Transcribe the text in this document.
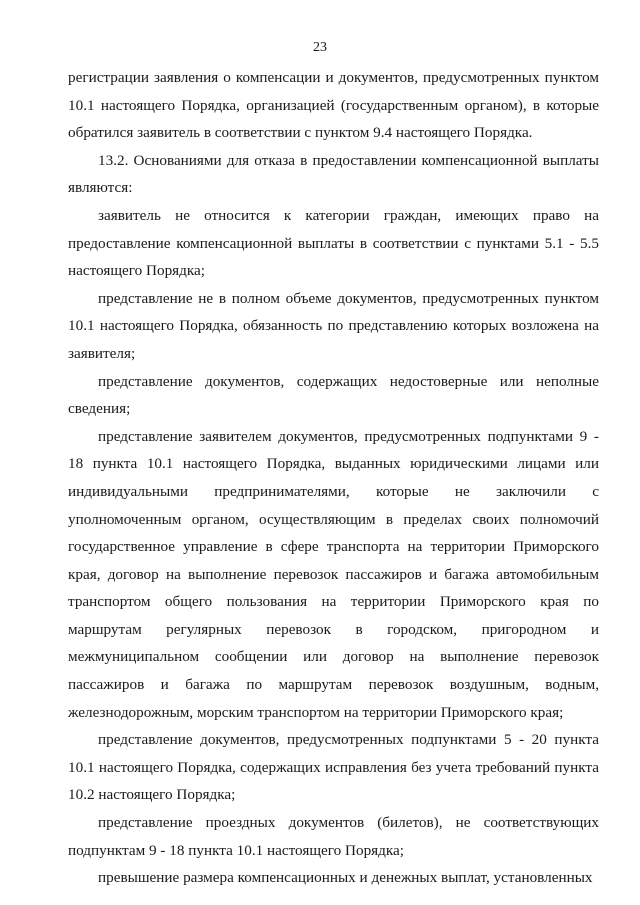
23

регистрации заявления о компенсации и документов, предусмотренных пунктом 10.1 настоящего Порядка, организацией (государственным органом), в которые обратился заявитель в соответствии с пунктом 9.4 настоящего Порядка.

13.2. Основаниями для отказа в предоставлении компенсационной выплаты являются:

заявитель не относится к категории граждан, имеющих право на предоставление компенсационной выплаты в соответствии с пунктами 5.1 - 5.5 настоящего Порядка;

представление не в полном объеме документов, предусмотренных пунктом 10.1 настоящего Порядка, обязанность по представлению которых возложена на заявителя;

представление документов, содержащих недостоверные или неполные сведения;

представление заявителем документов, предусмотренных подпунктами 9 - 18 пункта 10.1 настоящего Порядка, выданных юридическими лицами или индивидуальными предпринимателями, которые не заключили с уполномоченным органом, осуществляющим в пределах своих полномочий государственное управление в сфере транспорта на территории Приморского края, договор на выполнение перевозок пассажиров и багажа автомобильным транспортом общего пользования на территории Приморского края по маршрутам регулярных перевозок в городском, пригородном и межмуниципальном сообщении или договор на выполнение перевозок пассажиров и багажа по маршрутам перевозок воздушным, водным, железнодорожным, морским транспортом на территории Приморского края;

представление документов, предусмотренных подпунктами 5 - 20 пункта 10.1 настоящего Порядка, содержащих исправления без учета требований пункта 10.2 настоящего Порядка;

представление проездных документов (билетов), не соответствующих подпунктам 9 - 18 пункта 10.1 настоящего Порядка;

превышение размера компенсационных и денежных выплат, установленных
